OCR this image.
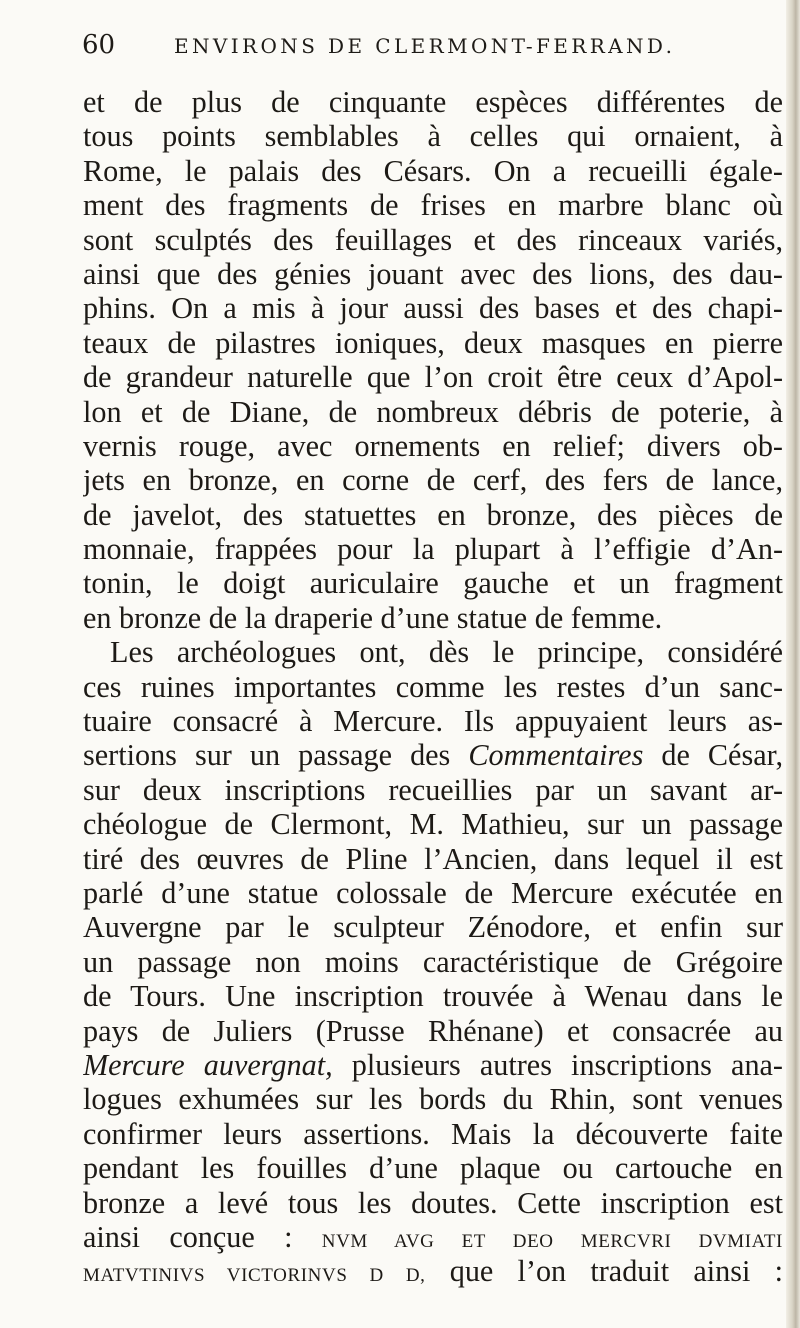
60	ENVIRONS DE CLERMONT-FERRAND.
et de plus de cinquante espèces différentes de
tous points semblables à celles qui ornaient, à
Rome, le palais des Césars. On a recueilli égale-
ment des fragments de frises en marbre blanc où
sont sculptés des feuillages et des rinceaux variés,
ainsi que des génies jouant avec des lions, des dau-
phins. On a mis à jour aussi des bases et des chapi-
teaux de pilastres ioniques, deux masques en pierre
de grandeur naturelle que l’on croit être ceux d’Apol-
lon et de Diane, de nombreux débris de poterie, à
vernis rouge, avec ornements en relief; divers ob-
jets en bronze, en corne de cerf, des fers de lance,
de javelot, des statuettes en bronze, des pièces de
monnaie, frappées pour la plupart à l’effigie d’An-
tonin, le doigt auriculaire gauche et un fragment
en bronze de la draperie d’une statue de femme.
Les archéologues ont, dès le principe, considéré
ces ruines importantes comme les restes d’un sanc-
tuaire consacré à Mercure. Ils appuyaient leurs as-
sertions sur un passage des Commentaires de César,
sur deux inscriptions recueillies par un savant ar-
chéologue de Clermont, M. Mathieu, sur un passage
tiré des œuvres de Pline l’Ancien, dans lequel il est
parlé d’une statue colossale de Mercure exécutée en
Auvergne par le sculpteur Zénodore, et enfin sur
un passage non moins caractéristique de Grégoire
de Tours. Une inscription trouvée à Wenau dans le
pays de Juliers (Prusse Rhénane) et consacrée au
Mercure auvergnat, plusieurs autres inscriptions ana-
logues exhumées sur les bords du Rhin, sont venues
confirmer leurs assertions. Mais la découverte faite
pendant les fouilles d’une plaque ou cartouche en
bronze a levé tous les doutes. Cette inscription est
ainsi conçue : NVM AVG ET DEO MERCVRI DVMIATI
MATVTINIVS VICTORINVS D D, que l’on traduit ainsi :
